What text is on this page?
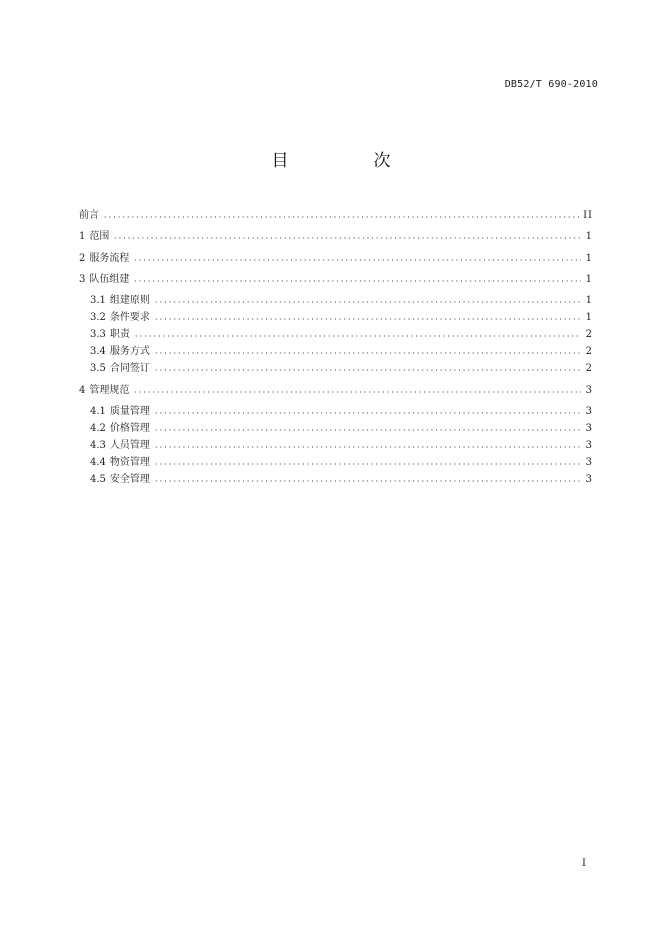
DB52/T 690-2010
目　次
前言	II
1 范围	1
2 服务流程	1
3 队伍组建	1
3.1 组建原则	1
3.2 条件要求	1
3.3 职责	2
3.4 服务方式	2
3.5 合同签订	2
4 管理规范	3
4.1 质量管理	3
4.2 价格管理	3
4.3 人员管理	3
4.4 物资管理	3
4.5 安全管理	3
I
